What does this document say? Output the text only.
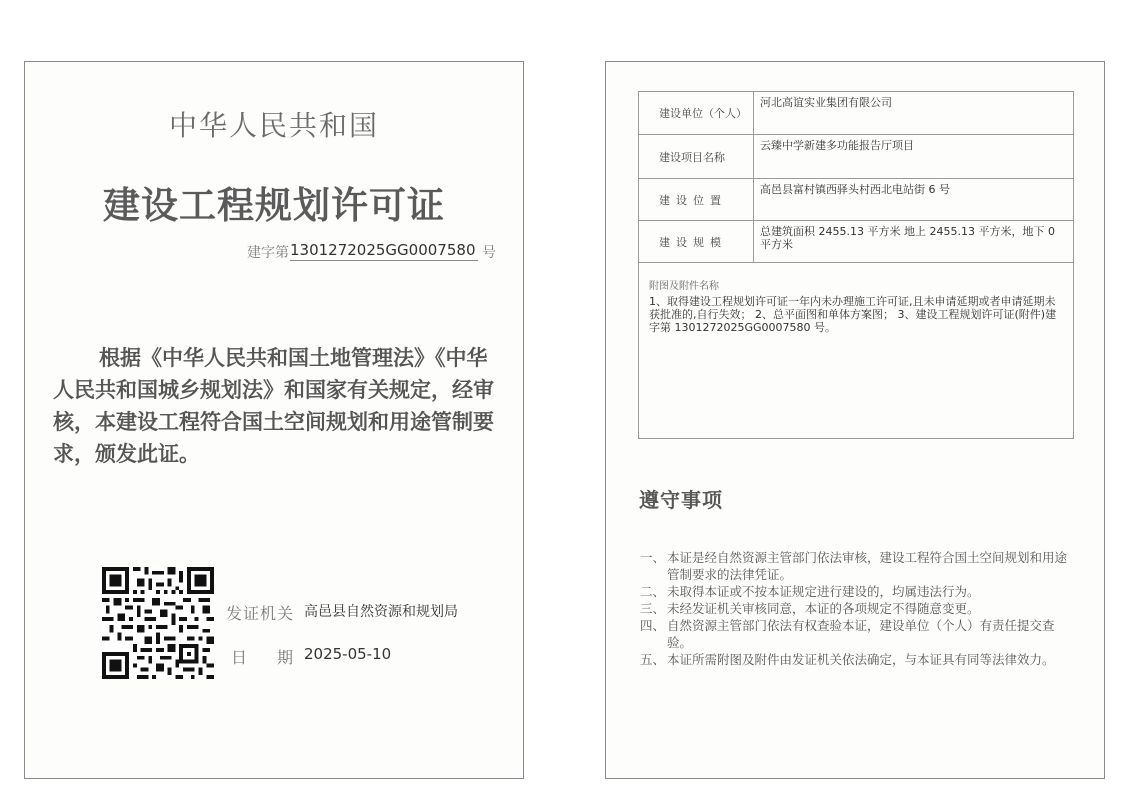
中华人民共和国
建设工程规划许可证
建字第 1301272025GG0007580 号
根据《中华人民共和国土地管理法》《中华人民共和国城乡规划法》和国家有关规定，经审核，本建设工程符合国土空间规划和用途管制要求，颁发此证。
发证机关 高邑县自然资源和规划局
日 期 2025-05-10
建设单位（个人）	河北高谊实业集团有限公司
建设项目名称	云臻中学新建多功能报告厅项目
建设位置	高邑县富村镇西驿头村西北电站街 6 号
建设规模	总建筑面积 2455.13 平方米 地上 2455.13 平方米，地下 0 平方米

附图及附件名称
1、取得建设工程规划许可证一年内未办理施工许可证,且未申请延期或者申请延期未获批准的,自行失效； 2、总平面图和单体方案图； 3、建设工程规划许可证(附件)建字第 1301272025GG0007580 号。	
遵守事项
一、 本证是经自然资源主管部门依法审核，建设工程符合国土空间规划和用途管制要求的法律凭证。
二、 未取得本证或不按本证规定进行建设的，均属违法行为。
三、 未经发证机关审核同意，本证的各项规定不得随意变更。
四、 自然资源主管部门依法有权查验本证，建设单位（个人）有责任提交查验。
五、 本证所需附图及附件由发证机关依法确定，与本证具有同等法律效力。
